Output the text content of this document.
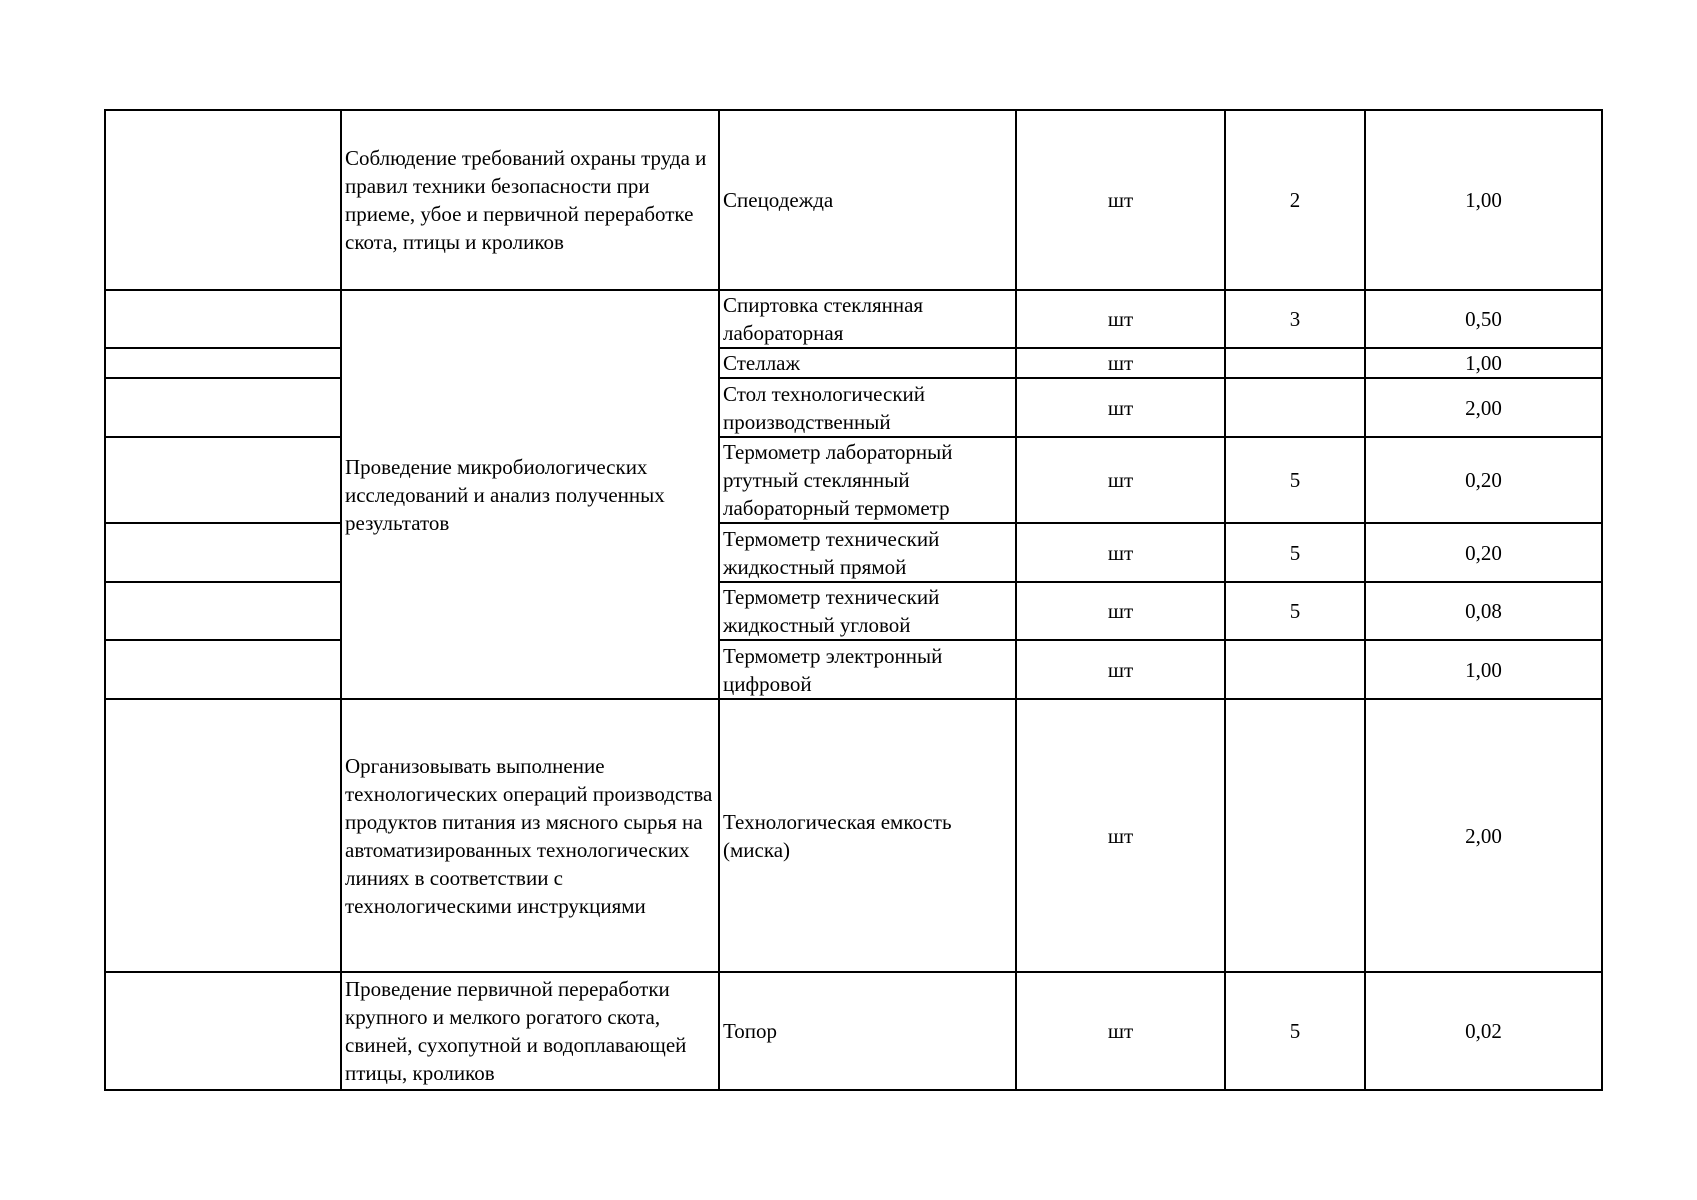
	Соблюдение требований охраны труда и правил техники безопасности при приеме, убое и первичной переработке скота, птицы и кроликов	Спецодежда	шт	2	1,00
	Проведение микробиологических исследований и анализ полученных результатов	Спиртовка стеклянная лабораторная	шт	3	0,50
		Стеллаж	шт		1,00
		Стол технологический производственный	шт		2,00
		Термометр лабораторный ртутный стеклянный лабораторный термометр	шт	5	0,20
		Термометр технический жидкостный прямой	шт	5	0,20
		Термометр технический жидкостный угловой	шт	5	0,08
		Термометр электронный цифровой	шт		1,00
	Организовывать выполнение технологических операций производства продуктов питания из мясного сырья на автоматизированных технологических линиях в соответствии с технологическими инструкциями	Технологическая емкость (миска)	шт		2,00
	Проведение первичной переработки крупного и мелкого рогатого скота, свиней, сухопутной и водоплавающей птицы, кроликов	Топор	шт	5	0,02
